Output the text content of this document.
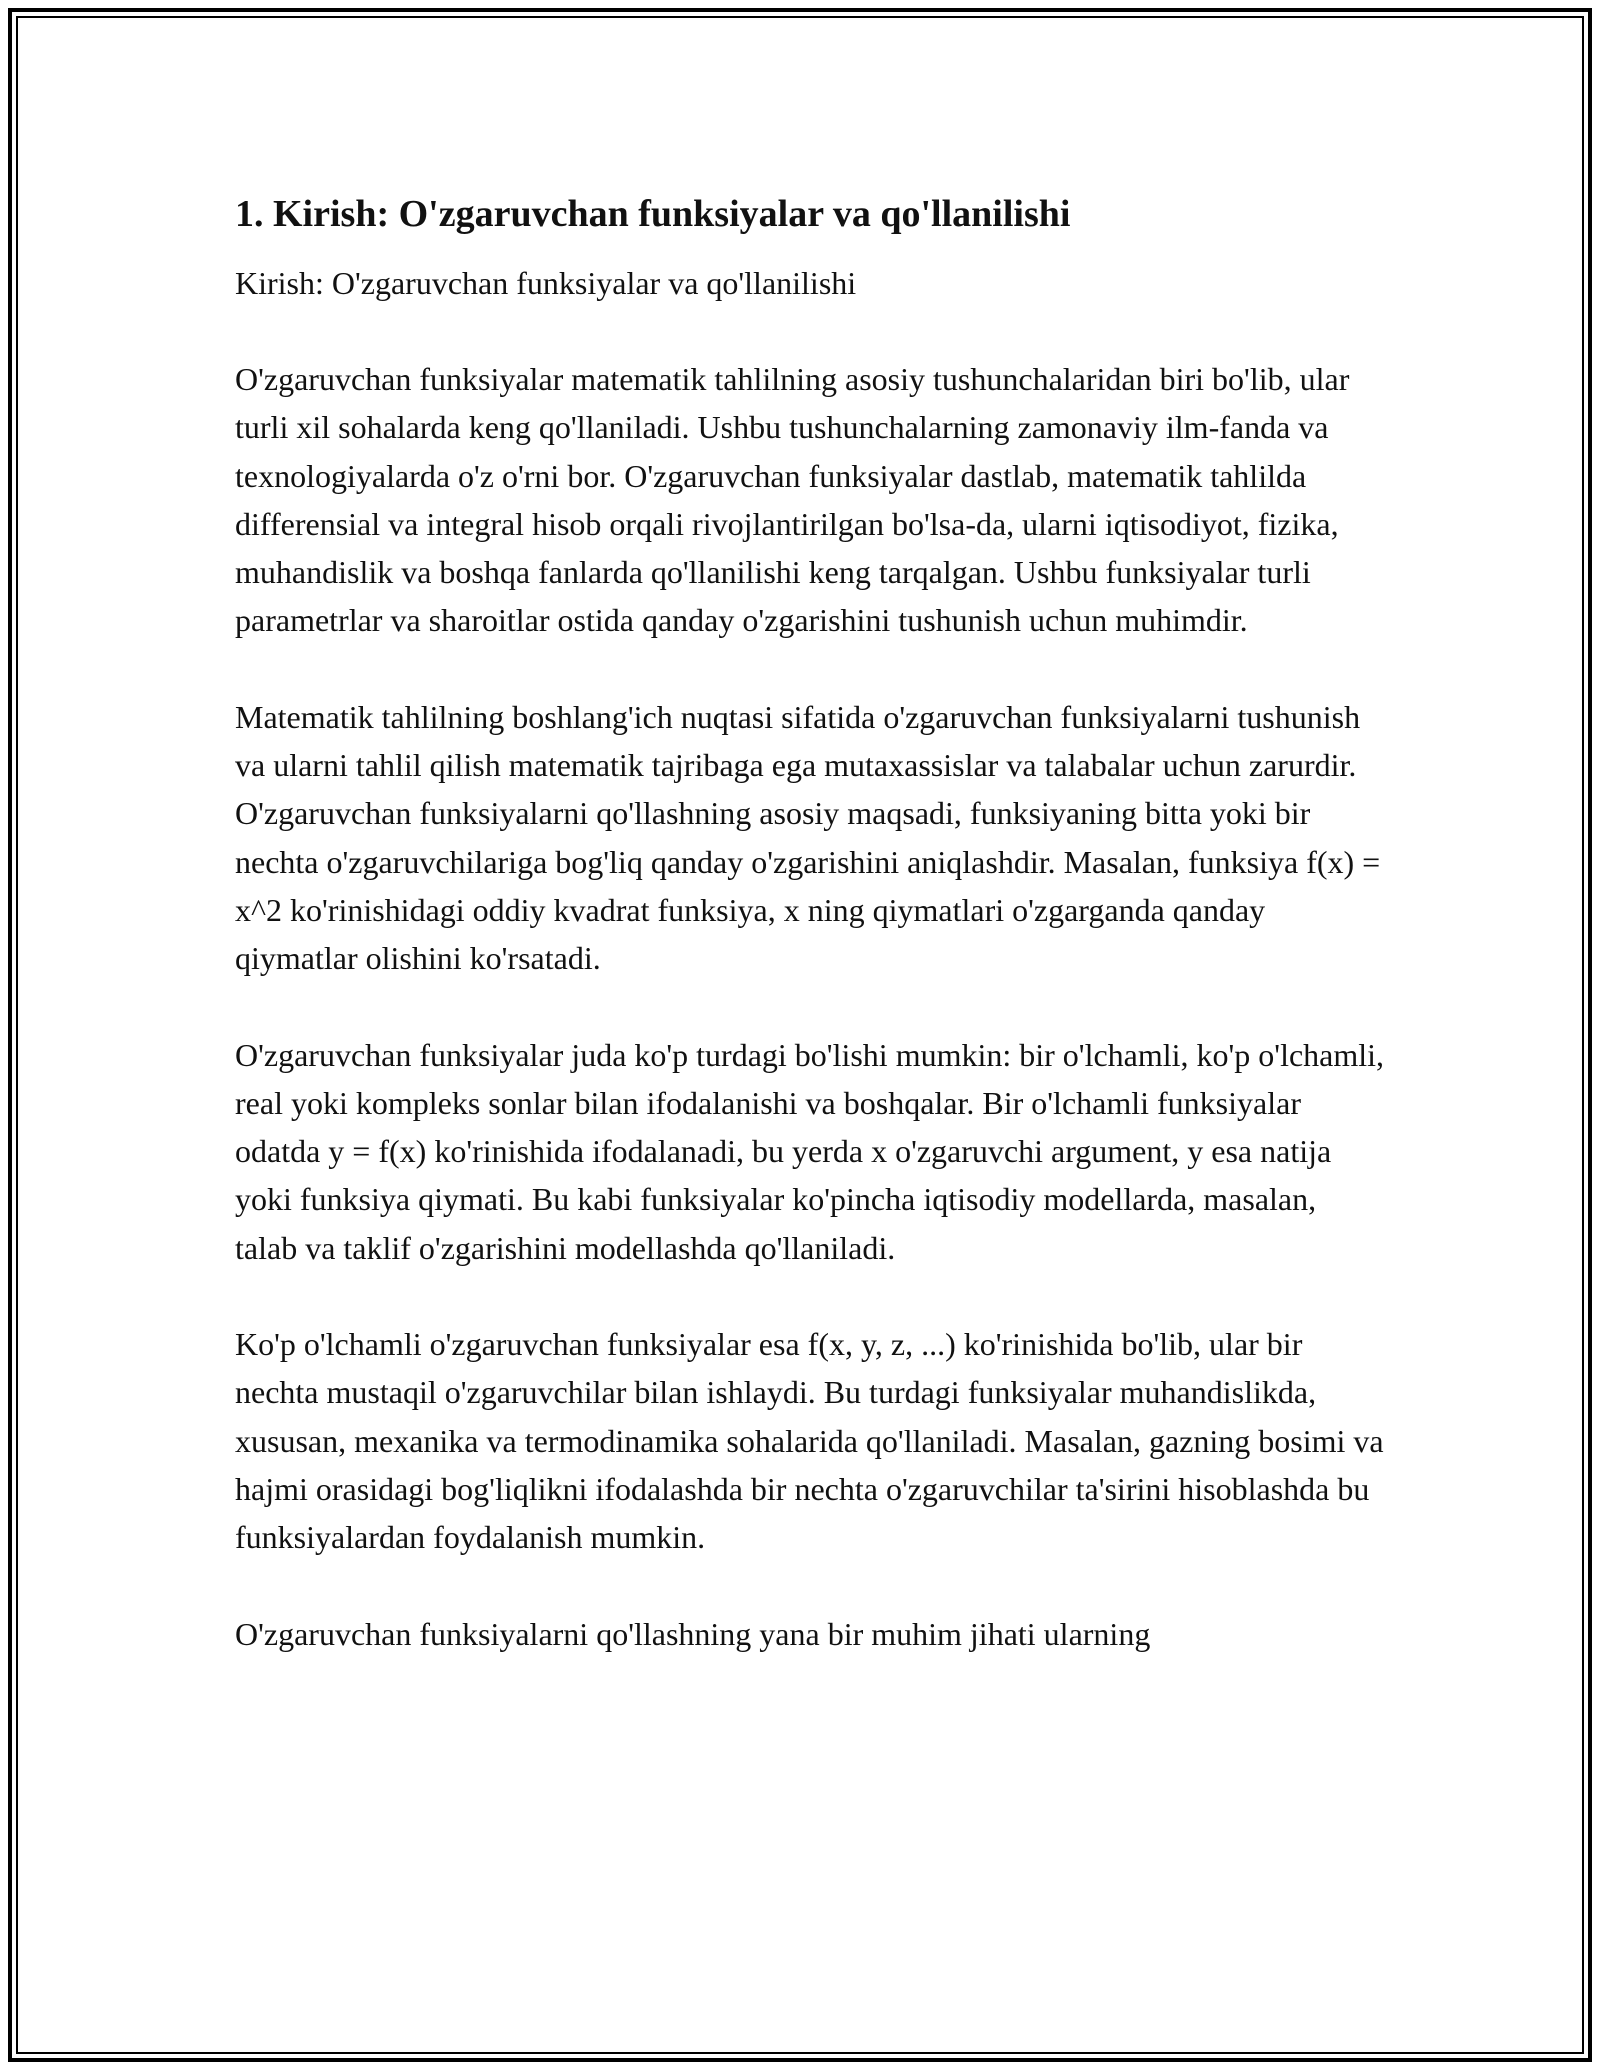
1. Kirish: O'zgaruvchan funksiyalar va qo'llanilishi

Kirish: O'zgaruvchan funksiyalar va qo'llanilishi

O'zgaruvchan funksiyalar matematik tahlilning asosiy tushunchalaridan biri bo'lib, ular turli xil sohalarda keng qo'llaniladi. Ushbu tushunchalarning zamonaviy ilm-fanda va texnologiyalarda o'z o'rni bor. O'zgaruvchan funksiyalar dastlab, matematik tahlilda differensial va integral hisob orqali rivojlantirilgan bo'lsa-da, ularni iqtisodiyot, fizika, muhandislik va boshqa fanlarda qo'llanilishi keng tarqalgan. Ushbu funksiyalar turli parametrlar va sharoitlar ostida qanday o'zgarishini tushunish uchun muhimdir.

Matematik tahlilning boshlang'ich nuqtasi sifatida o'zgaruvchan funksiyalarni tushunish va ularni tahlil qilish matematik tajribaga ega mutaxassislar va talabalar uchun zarurdir. O'zgaruvchan funksiyalarni qo'llashning asosiy maqsadi, funksiyaning bitta yoki bir nechta o'zgaruvchilariga bog'liq qanday o'zgarishini aniqlashdir. Masalan, funksiya f(x) = x^2 ko'rinishidagi oddiy kvadrat funksiya, x ning qiymatlari o'zgarganda qanday qiymatlar olishini ko'rsatadi.

O'zgaruvchan funksiyalar juda ko'p turdagi bo'lishi mumkin: bir o'lchamli, ko'p o'lchamli, real yoki kompleks sonlar bilan ifodalanishi va boshqalar. Bir o'lchamli funksiyalar odatda y = f(x) ko'rinishida ifodalanadi, bu yerda x o'zgaruvchi argument, y esa natija yoki funksiya qiymati. Bu kabi funksiyalar ko'pincha iqtisodiy modellarda, masalan, talab va taklif o'zgarishini modellashda qo'llaniladi.

Ko'p o'lchamli o'zgaruvchan funksiyalar esa f(x, y, z, ...) ko'rinishida bo'lib, ular bir nechta mustaqil o'zgaruvchilar bilan ishlaydi. Bu turdagi funksiyalar muhandislikda, xususan, mexanika va termodinamika sohalarida qo'llaniladi. Masalan, gazning bosimi va hajmi orasidagi bog'liqlikni ifodalashda bir nechta o'zgaruvchilar ta'sirini hisoblashda bu funksiyalardan foydalanish mumkin.

O'zgaruvchan funksiyalarni qo'llashning yana bir muhim jihati ularning
